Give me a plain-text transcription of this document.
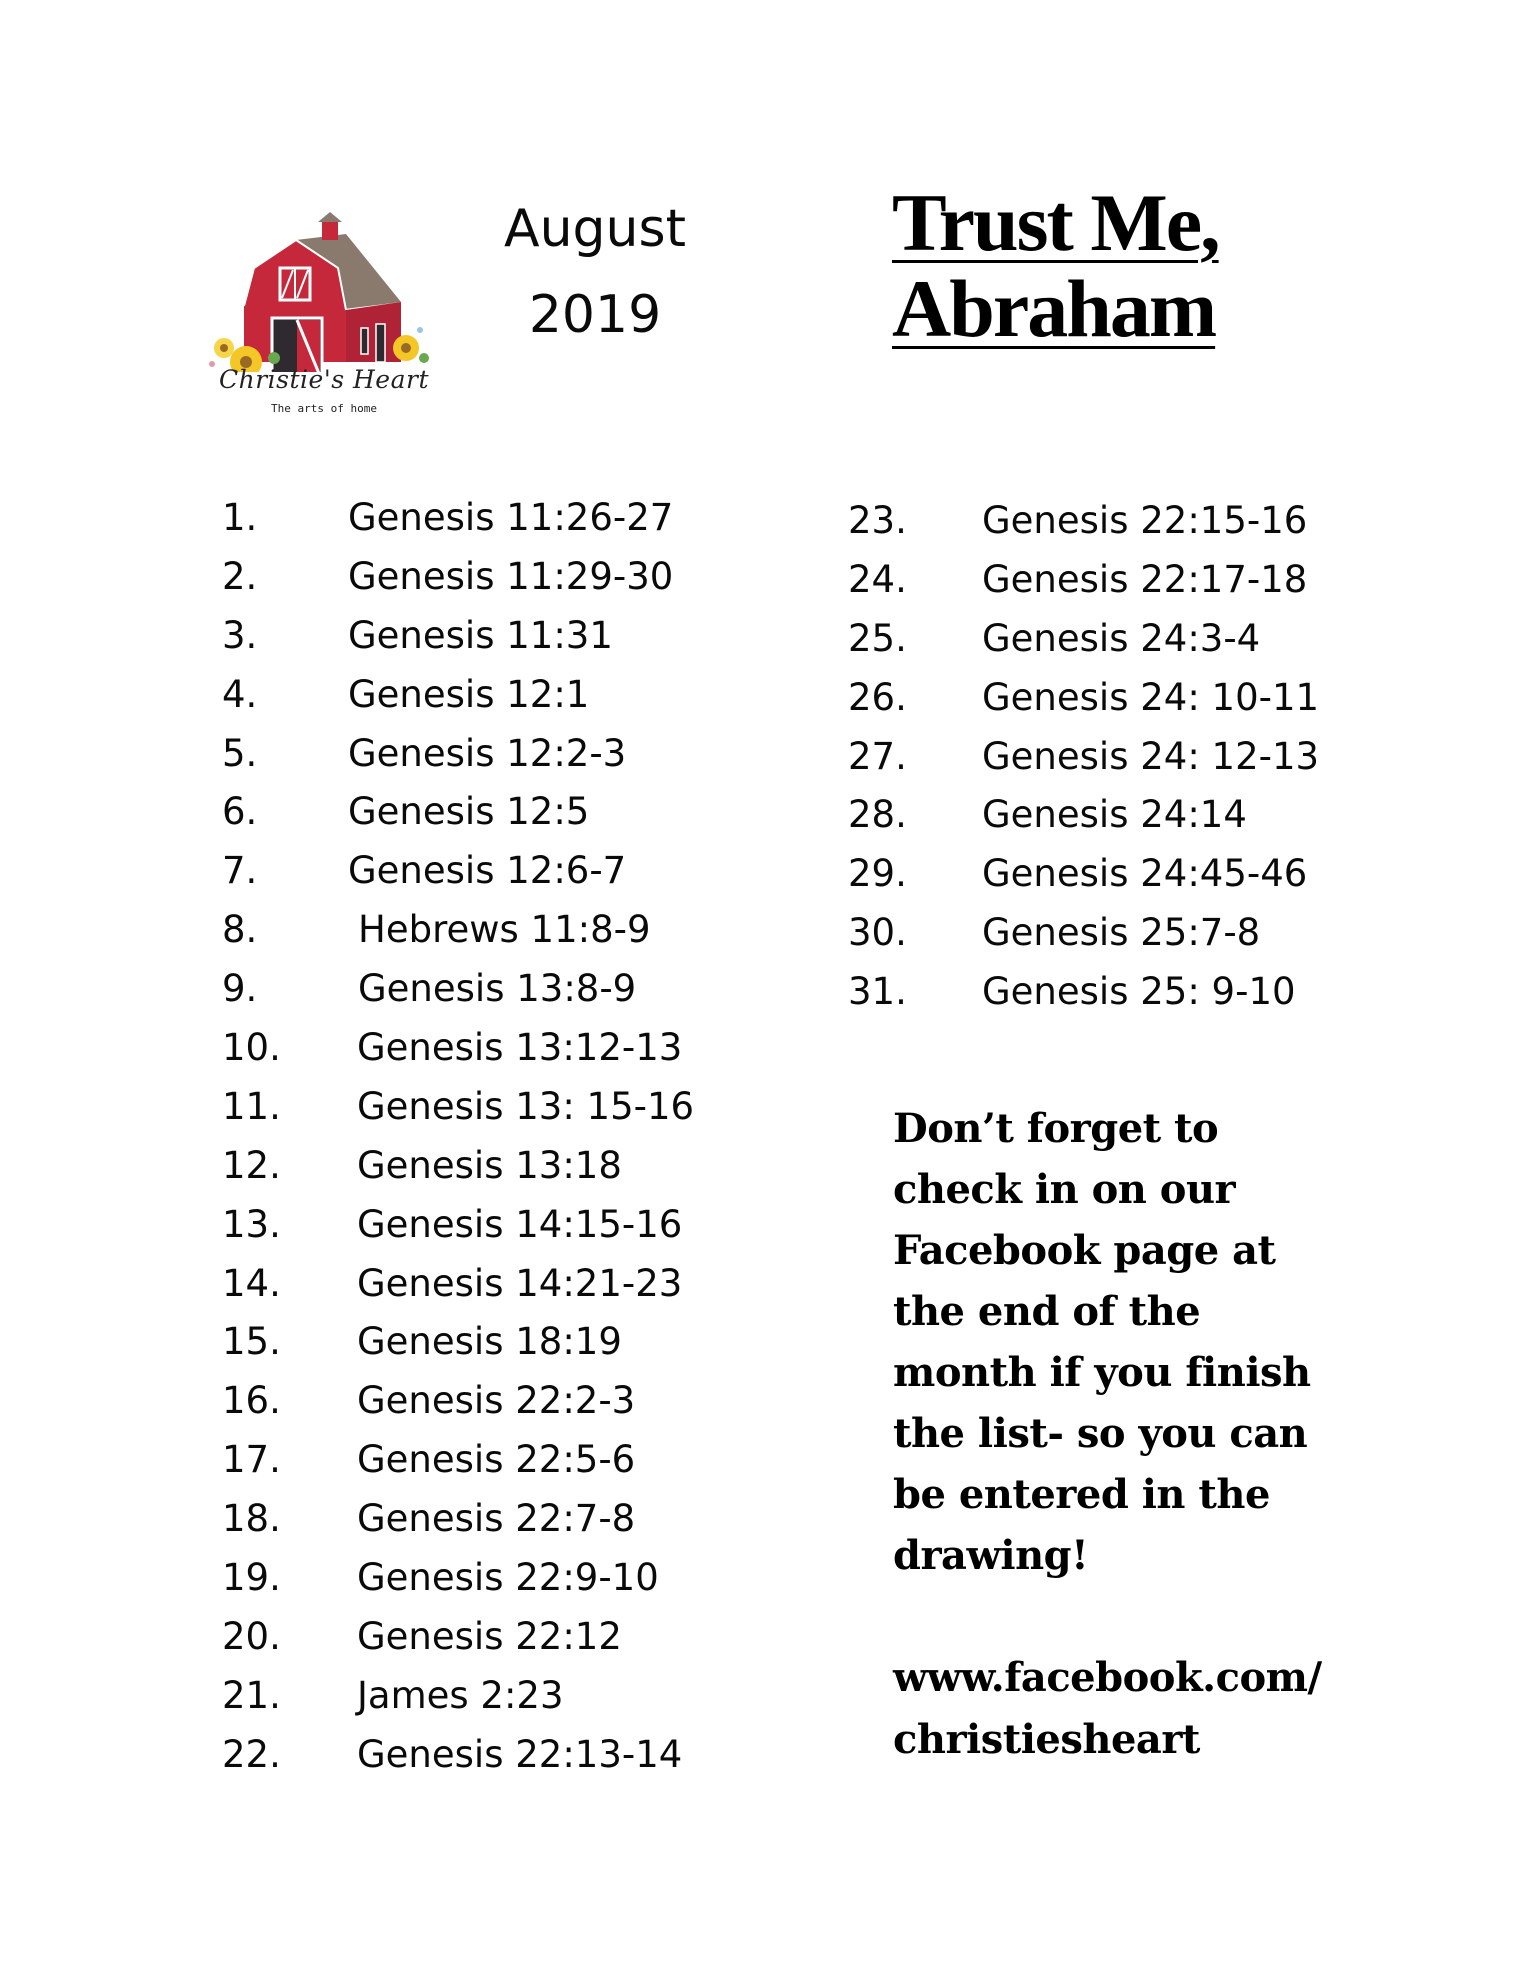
Christie's Heart
The arts of home
August
2019
Trust Me,
Abraham
1. Genesis 11:26-27
2. Genesis 11:29-30
3. Genesis 11:31
4. Genesis 12:1
5. Genesis 12:2-3
6. Genesis 12:5
7. Genesis 12:6-7
8.	Hebrews 11:8-9
9.	Genesis 13:8-9
10. Genesis 13:12-13
11. Genesis 13: 15-16
12. Genesis 13:18
13. Genesis 14:15-16
14. Genesis 14:21-23
15. Genesis 18:19
16. Genesis 22:2-3
17. Genesis 22:5-6
18. Genesis 22:7-8
19. Genesis 22:9-10
20. Genesis 22:12
21. James 2:23
22. Genesis 22:13-14
23. Genesis 22:15-16
24. Genesis 22:17-18
25. Genesis 24:3-4
26. Genesis 24: 10-11
27. Genesis 24: 12-13
28. Genesis 24:14
29. Genesis 24:45-46
30. Genesis 25:7-8
31. Genesis 25: 9-10
Don’t forget to
check in on our
Facebook page at
the end of the
month if you finish
the list- so you can
be entered in the
drawing!
www.facebook.com/
christiesheart
